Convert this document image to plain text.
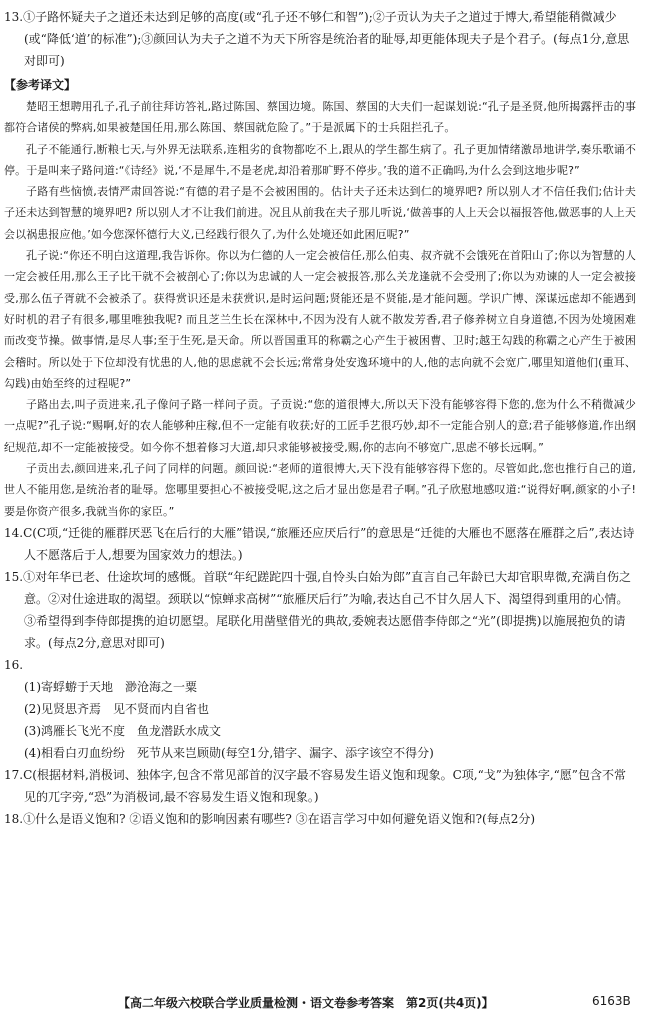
13.①子路怀疑夫子之道还未达到足够的高度(或“孔子还不够仁和智”);②子贡认为夫子之道过于博大,希望能稍微减少(或“降低‘道’的标准”);③颜回认为夫子之道不为天下所容是统治者的耻辱,却更能体现夫子是个君子。(每点1分,意思对即可)

【参考译文】

楚昭王想聘用孔子,孔子前往拜访答礼,路过陈国、蔡国边境。陈国、蔡国的大夫们一起谋划说:“孔子是圣贤,他所揭露抨击的事都符合诸侯的弊病,如果被楚国任用,那么陈国、蔡国就危险了。”于是派属下的士兵阻拦孔子。

孔子不能通行,断粮七天,与外界无法联系,连粗劣的食物都吃不上,跟从的学生都生病了。孔子更加情绪激昂地讲学,奏乐歌诵不停。于是叫来子路问道:“《诗经》说,‘不是犀牛,不是老虎,却沿着那旷野不停步。’我的道不正确吗,为什么会到这地步呢?”

子路有些恼愤,表情严肃回答说:“有德的君子是不会被困围的。估计夫子还未达到仁的境界吧? 所以别人才不信任我们;估计夫子还未达到智慧的境界吧? 所以别人才不让我们前进。况且从前我在夫子那儿听说,‘做善事的人上天会以福报答他,做恶事的人上天会以祸患报应他。’如今您深怀德行大义,已经践行很久了,为什么处境还如此困厄呢?”

孔子说:“你还不明白这道理,我告诉你。你以为仁德的人一定会被信任,那么伯夷、叔齐就不会饿死在首阳山了;你以为智慧的人一定会被任用,那么王子比干就不会被剖心了;你以为忠诚的人一定会被报答,那么关龙逢就不会受刑了;你以为劝谏的人一定会被接受,那么伍子胥就不会被杀了。获得赏识还是未获赏识,是时运问题;贤能还是不贤能,是才能问题。学识广博、深谋远虑却不能遇到好时机的君子有很多,哪里唯独我呢? 而且芝兰生长在深林中,不因为没有人就不散发芳香,君子修养树立自身道德,不因为处境困难而改变节操。做事情,是尽人事;至于生死,是天命。所以晋国重耳的称霸之心产生于被困曹、卫时;越王勾践的称霸之心产生于被困会稽时。所以处于下位却没有忧患的人,他的思虑就不会长远;常常身处安逸环境中的人,他的志向就不会宽广,哪里知道他们(重耳、勾践)由始至终的过程呢?”

子路出去,叫子贡进来,孔子像问子路一样问子贡。子贡说:“您的道很博大,所以天下没有能够容得下您的,您为什么不稍微减少一点呢?”孔子说:“赐啊,好的农人能够种庄稼,但不一定能有收获;好的工匠手艺很巧妙,却不一定能合别人的意;君子能够修道,作出纲纪规范,却不一定能被接受。如今你不想着修习大道,却只求能够被接受,赐,你的志向不够宽广,思虑不够长远啊。”

子贡出去,颜回进来,孔子问了同样的问题。颜回说:“老师的道很博大,天下没有能够容得下您的。尽管如此,您也推行自己的道,世人不能用您,是统治者的耻辱。您哪里要担心不被接受呢,这之后才显出您是君子啊。”孔子欣慰地感叹道:“说得好啊,颜家的小子! 要是你资产很多,我就当你的家臣。”

14.C(C项,“迁徙的雁群厌恶飞在后行的大雁”错误,“旅雁还应厌后行”的意思是“迁徙的大雁也不愿落在雁群之后”,表达诗人不愿落后于人,想要为国家效力的想法。)

15.①对年华已老、仕途坎坷的感慨。首联“年纪蹉跎四十强,自怜头白始为郎”直言自己年龄已大却官职卑微,充满自伤之意。②对仕途进取的渴望。颈联以“惊蝉求高树”“旅雁厌后行”为喻,表达自己不甘久居人下、渴望得到重用的心情。③希望得到李侍郎提携的迫切愿望。尾联化用凿壁借光的典故,委婉表达愿借李侍郎之“光”(即提携)以施展抱负的请求。(每点2分,意思对即可)

16.

(1)寄蜉蝣于天地　渺沧海之一粟

(2)见贤思齐焉　见不贤而内自省也

(3)鸿雁长飞光不度　鱼龙潜跃水成文

(4)相看白刃血纷纷　死节从来岂顾勋(每空1分,错字、漏字、添字该空不得分)

17.C(根据材料,消极词、独体字,包含不常见部首的汉字最不容易发生语义饱和现象。C项,“戈”为独体字,“愿”包含不常见的兀字旁,“恐”为消极词,最不容易发生语义饱和现象。)

18.①什么是语义饱和? ②语义饱和的影响因素有哪些? ③在语言学习中如何避免语义饱和?(每点2分)

【高二年级六校联合学业质量检测・语文卷参考答案　第2页(共4页)】	6163B
